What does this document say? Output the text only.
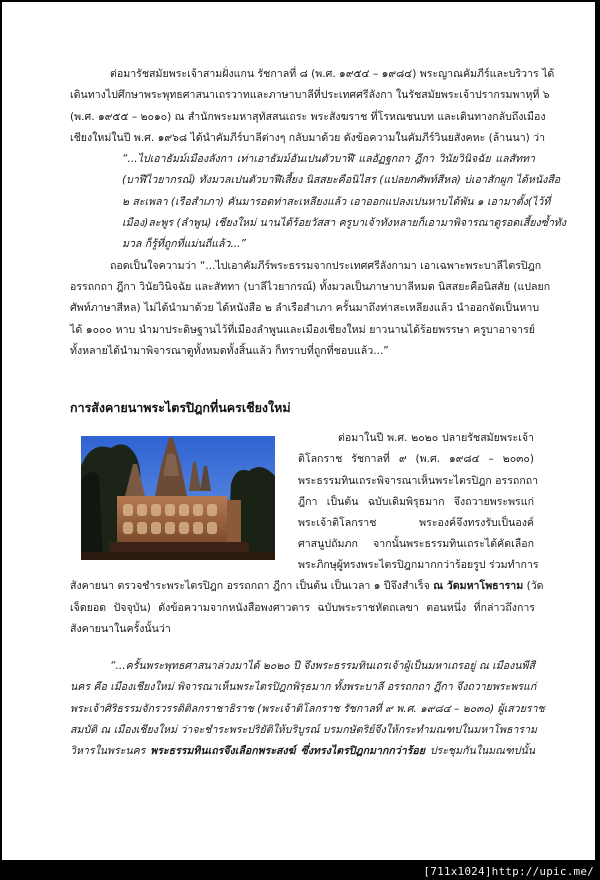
ต่อมารัชสมัยพระเจ้าสามฝั่งแกน รัชกาลที่ ๘ (พ.ศ. ๑๙๕๔ – ๑๙๘๔) พระญาณคัมภีร์และบริวาร ได้
เดินทางไปศึกษาพระพุทธศาสนาเถรวาทและภาษาบาลีที่ประเทศศรีลังกา ในรัชสมัยพระเจ้าปรากรมพาหุที่ ๖
(พ.ศ. ๑๙๕๕ – ๒๐๑๐) ณ สำนักพระมหาสุทัสสนเถระ พระสังฆราช ที่โรหณชนบท และเดินทางกลับถึงเมือง
เชียงใหม่ในปี พ.ศ. ๑๙๖๘ ได้นำคัมภีร์บาลีต่างๆ กลับมาด้วย ดังข้อความในคัมภีร์วินยสังคหะ (ล้านนา) ว่า
“...ไปเอาธัมม์เมืองลังกา เท่าเอาธัมม์อันเปนตัวบาฬี แลอัฏฐกถา ฎีกา วินัยวินิจฉัย แลสัททา
(บาฬีไวยากรณ์) ทังมวลเปนตัวบาฬีเสี้ยง นิสสยะคือนิไสร (แปลยกศัพท์สีหล) บ่เอาสักผูก ได้หนังสือ
๒ สะเพลา (เรือสำเภา) คันมารอดท่าสะเหลียงแล้ว เอาออกแปลงเปนหาบได้พัน ๑ เอามาตั้ง(ไว้ที่
เมือง)ละพูร (ลำพูน) เชียงใหม่ นานได้ร้อยวัสสา ครูบาเจ้าทังหลายก็เอามาพิจารณาดูรอดเสี้ยงซ้ำทัง
มวล ก็รู้ที่ถูกที่แม่นถี่แล้ว...”
ถอดเป็นใจความว่า “...ไปเอาคัมภีร์พระธรรมจากประเทศศรีลังกามา เอาเฉพาะพระบาลีไตรปิฎก
อรรถกถา ฎีกา วินัยวินิจฉัย และสัททา (บาลีไวยากรณ์) ทั้งมวลเป็นภาษาบาลีหมด นิสสยะคือนิสสัย (แปลยก
ศัพท์ภาษาสีหล) ไม่ได้นำมาด้วย ได้หนังสือ ๒ ลำเรือสำเภา ครั้นมาถึงท่าสะเหลียงแล้ว นำออกจัดเป็นหาบ
ได้ ๑๐๐๐ หาบ นำมาประดิษฐานไว้ที่เมืองลำพูนและเมืองเชียงใหม่ ยาวนานได้ร้อยพรรษา ครูบาอาจารย์
ทั้งหลายได้นำมาพิจารณาดูทั้งหมดทั้งสิ้นแล้ว ก็ทราบที่ถูกที่ชอบแล้ว...”
การสังคายนาพระไตรปิฎกที่นครเชียงใหม่
ต่อมาในปี พ.ศ. ๒๐๒๐ ปลายรัชสมัยพระเจ้า
ติโลกราช รัชกาลที่ ๙ (พ.ศ. ๑๙๘๔ – ๒๐๓๐)
พระธรรมทินเถระพิจารณาเห็นพระไตรปิฎก อรรถกถา
ฎีกา เป็นต้น ฉบับเดิมพิรุธมาก จึงถวายพระพรแก่
พระเจ้าติโลกราช พระองค์จึงทรงรับเป็นองค์
ศาสนูปถัมภก จากนั้นพระธรรมทินเถระได้คัดเลือก
พระภิกษุผู้ทรงพระไตรปิฎกมากกว่าร้อยรูป ร่วมทำการ
สังคายนา ตรวจชำระพระไตรปิฎก อรรถกถา ฎีกา เป็นต้น เป็นเวลา ๑ ปีจึงสำเร็จ ณ วัดมหาโพธาราม (วัด
เจ็ดยอด ปัจจุบัน) ดังข้อความจากหนังสือพงศาวดาร ฉบับพระราชหัตถเลขา ตอนหนึ่ง ที่กล่าวถึงการ
สังคายนาในครั้งนั้นว่า
“...ครั้นพระพุทธศาสนาล่วงมาได้ ๒๐๒๐ ปี จึงพระธรรมทินเถรเจ้าผู้เป็นมหาเถรอยู่ ณ เมืองนพีสี
นคร คือ เมืองเชียงใหม่ พิจารณาเห็นพระไตรปิฎกพิรุธมาก ทั้งพระบาลี อรรถกถา ฎีกา จึงถวายพระพรแก่
พระเจ้าศิริธรรมจักรวรรดิติลกราชาธิราช (พระเจ้าติโลกราช รัชกาลที่ ๙ พ.ศ. ๑๙๘๔ – ๒๐๓๐) ผู้เสวยราช
สมบัติ ณ เมืองเชียงใหม่ ว่าจะชำระพระปริยัติให้บริบูรณ์ บรมกษัตริย์จึงให้กระทำมณฑปในมหาโพธาราม
วิหารในพระนคร พระธรรมทินเถรจึงเลือกพระสงฆ์ ซึ่งทรงไตรปิฎกมากกว่าร้อย ประชุมกันในมณฑปนั้น
[711x1024]http://upic.me/
